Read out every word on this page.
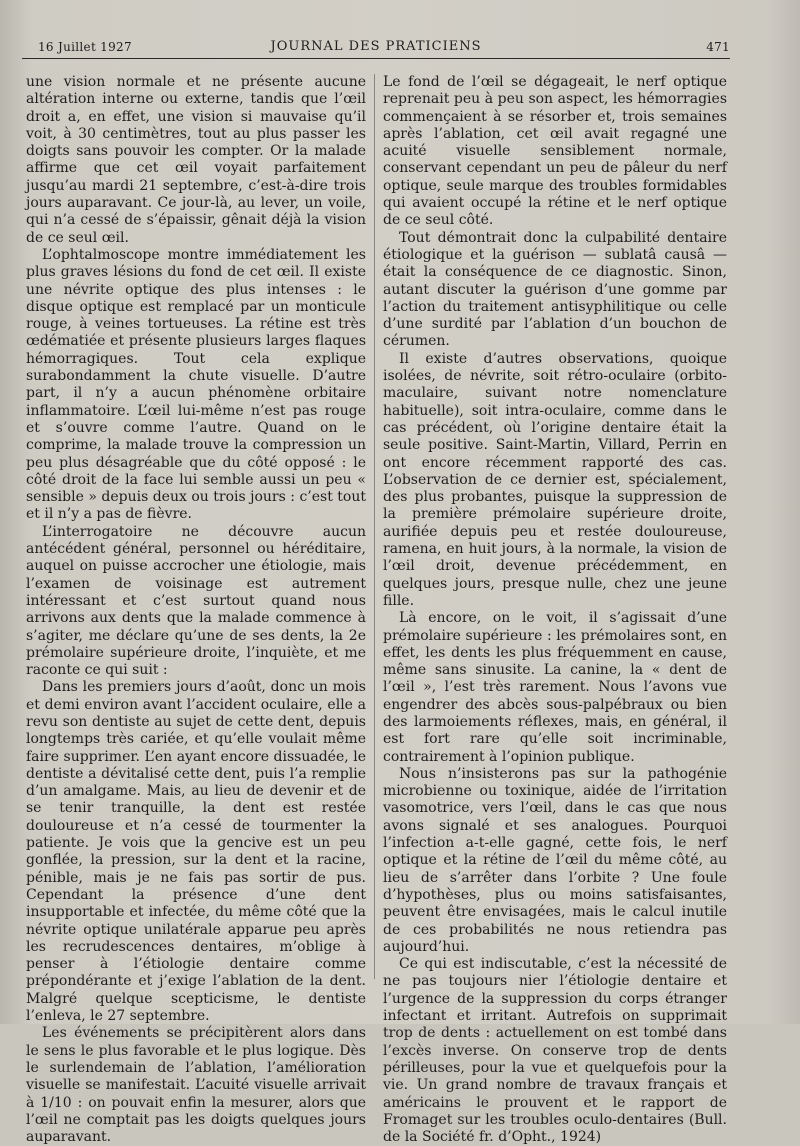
16 Juillet 1927	JOURNAL DES PRATICIENS	471

une vision normale et ne présente aucune altération interne ou externe, tandis que l’œil droit a, en effet, une vision si mauvaise qu’il voit, à 30 centimètres, tout au plus passer les doigts sans pouvoir les compter. Or la malade affirme que cet œil voyait parfaitement jusqu’au mardi 21 septembre, c’est-à-dire trois jours auparavant. Ce jour-là, au lever, un voile, qui n’a cessé de s’épaissir, gênait déjà la vision de ce seul œil.

L’ophtalmoscope montre immédiatement les plus graves lésions du fond de cet œil. Il existe une névrite optique des plus intenses : le disque optique est remplacé par un monticule rouge, à veines tortueuses. La rétine est très œdématiée et présente plusieurs larges flaques hémorragiques. Tout cela explique surabondamment la chute visuelle. D’autre part, il n’y a aucun phénomène orbitaire inflammatoire. L’œil lui-même n’est pas rouge et s’ouvre comme l’autre. Quand on le comprime, la malade trouve la compression un peu plus désagréable que du côté opposé : le côté droit de la face lui semble aussi un peu « sensible » depuis deux ou trois jours : c’est tout et il n’y a pas de fièvre.

L’interrogatoire ne découvre aucun antécédent général, personnel ou héréditaire, auquel on puisse accrocher une étiologie, mais l’examen de voisinage est autrement intéressant et c’est surtout quand nous arrivons aux dents que la malade commence à s’agiter, me déclare qu’une de ses dents, la 2e prémolaire supérieure droite, l’inquiète, et me raconte ce qui suit :

Dans les premiers jours d’août, donc un mois et demi environ avant l’accident oculaire, elle a revu son dentiste au sujet de cette dent, depuis longtemps très cariée, et qu’elle voulait même faire supprimer. L’en ayant encore dissuadée, le dentiste a dévitalisé cette dent, puis l’a remplie d’un amalgame. Mais, au lieu de devenir et de se tenir tranquille, la dent est restée douloureuse et n’a cessé de tourmenter la patiente. Je vois que la gencive est un peu gonflée, la pression, sur la dent et la racine, pénible, mais je ne fais pas sortir de pus. Cependant la présence d’une dent insupportable et infectée, du même côté que la névrite optique unilatérale apparue peu après les recrudescences dentaires, m’oblige à penser à l’étiologie dentaire comme prépondérante et j’exige l’ablation de la dent. Malgré quelque scepticisme, le dentiste l’enleva, le 27 septembre.

Les événements se précipitèrent alors dans le sens le plus favorable et le plus logique. Dès le surlendemain de l’ablation, l’amélioration visuelle se manifestait. L’acuité visuelle arrivait à 1/10 : on pouvait enfin la mesurer, alors que l’œil ne comptait pas les doigts quelques jours auparavant.

Le fond de l’œil se dégageait, le nerf optique reprenait peu à peu son aspect, les hémorragies commençaient à se résorber et, trois semaines après l’ablation, cet œil avait regagné une acuité visuelle sensiblement normale, conservant cependant un peu de pâleur du nerf optique, seule marque des troubles formidables qui avaient occupé la rétine et le nerf optique de ce seul côté.

Tout démontrait donc la culpabilité dentaire étiologique et la guérison — sublatâ causâ — était la conséquence de ce diagnostic. Sinon, autant discuter la guérison d’une gomme par l’action du traitement antisyphilitique ou celle d’une surdité par l’ablation d’un bouchon de cérumen.

Il existe d’autres observations, quoique isolées, de névrite, soit rétro-oculaire (orbito-maculaire, suivant notre nomenclature habituelle), soit intra-oculaire, comme dans le cas précédent, où l’origine dentaire était la seule positive. Saint-Martin, Villard, Perrin en ont encore récemment rapporté des cas. L’observation de ce dernier est, spécialement, des plus probantes, puisque la suppression de la première prémolaire supérieure droite, aurifiée depuis peu et restée douloureuse, ramena, en huit jours, à la normale, la vision de l’œil droit, devenue précédemment, en quelques jours, presque nulle, chez une jeune fille.

Là encore, on le voit, il s’agissait d’une prémolaire supérieure : les prémolaires sont, en effet, les dents les plus fréquemment en cause, même sans sinusite. La canine, la « dent de l’œil », l’est très rarement. Nous l’avons vue engendrer des abcès sous-palpébraux ou bien des larmoiements réflexes, mais, en général, il est fort rare qu’elle soit incriminable, contrairement à l’opinion publique.

Nous n’insisterons pas sur la pathogénie microbienne ou toxinique, aidée de l’irritation vasomotrice, vers l’œil, dans le cas que nous avons signalé et ses analogues. Pourquoi l’infection a-t-elle gagné, cette fois, le nerf optique et la rétine de l’œil du même côté, au lieu de s’arrêter dans l’orbite ? Une foule d’hypothèses, plus ou moins satisfaisantes, peuvent être envisagées, mais le calcul inutile de ces probabilités ne nous retiendra pas aujourd’hui.

Ce qui est indiscutable, c’est la nécessité de ne pas toujours nier l’étiologie dentaire et l’urgence de la suppression du corps étranger infectant et irritant. Autrefois on supprimait trop de dents : actuellement on est tombé dans l’excès inverse. On conserve trop de dents périlleuses, pour la vue et quelquefois pour la vie. Un grand nombre de travaux français et américains le prouvent et le rapport de Fromaget sur les troubles oculo-dentaires (Bull. de la Société fr. d’Opht., 1924)
